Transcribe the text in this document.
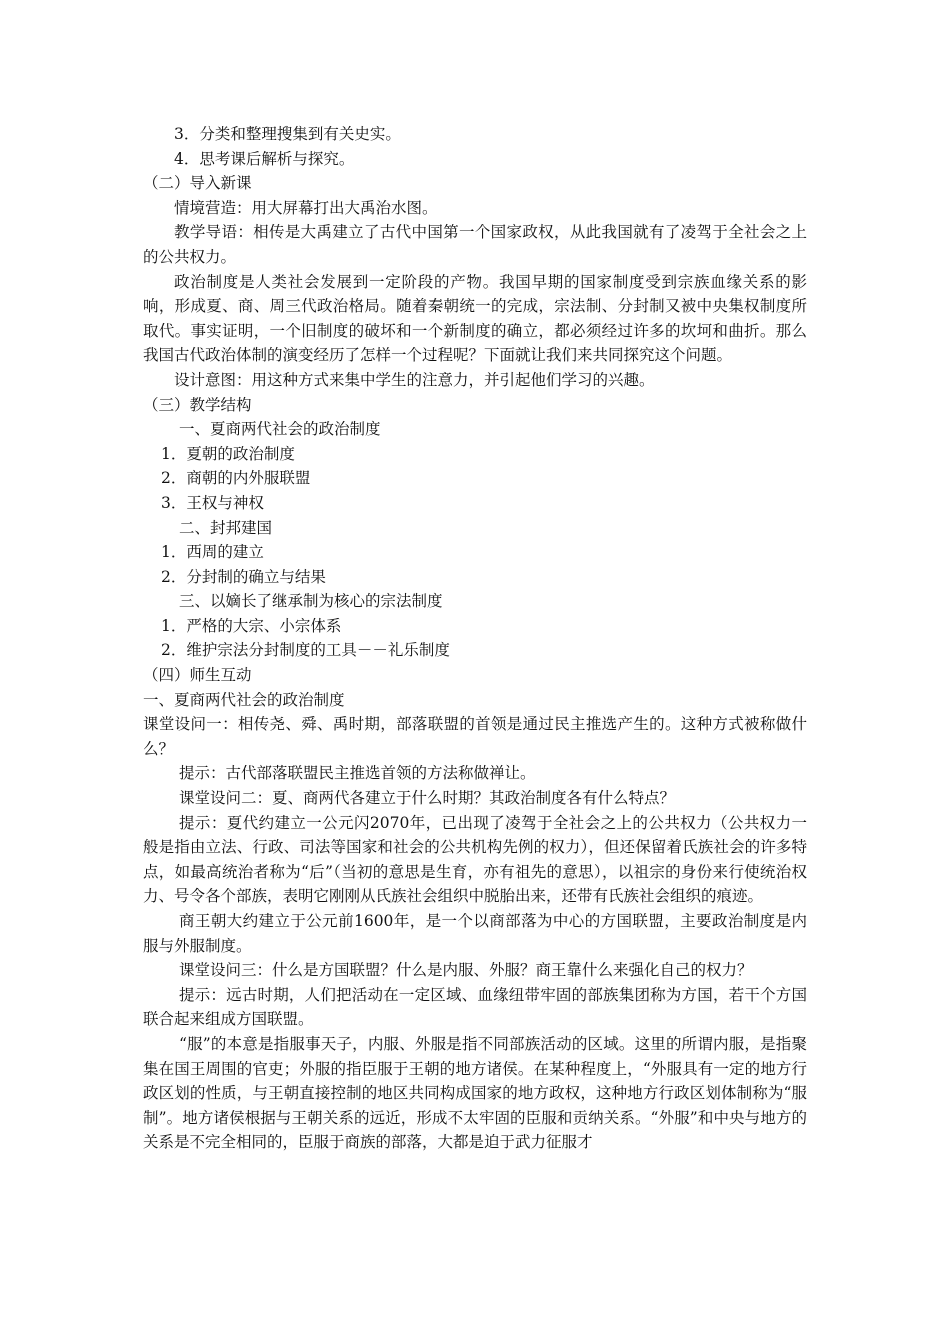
3．分类和整理搜集到有关史实。

4．思考课后解析与探究。

（二）导入新课

情境营造：用大屏幕打出大禹治水图。

教学导语：相传是大禹建立了古代中国第一个国家政权，从此我国就有了凌驾于全社会之上的公共权力。

政治制度是人类社会发展到一定阶段的产物。我国早期的国家制度受到宗族血缘关系的影响，形成夏、商、周三代政治格局。随着秦朝统一的完成，宗法制、分封制又被中央集权制度所取代。事实证明，一个旧制度的破坏和一个新制度的确立，都必须经过许多的坎坷和曲折。那么我国古代政治体制的演变经历了怎样一个过程呢？下面就让我们来共同探究这个问题。

设计意图：用这种方式来集中学生的注意力，并引起他们学习的兴趣。

（三）教学结构

一、夏商两代社会的政治制度

1．夏朝的政治制度

2．商朝的内外服联盟

3．王权与神权

二、封邦建国

1．西周的建立

2．分封制的确立与结果

三、以嫡长了继承制为核心的宗法制度

1．严格的大宗、小宗体系

2．维护宗法分封制度的工具－－礼乐制度

（四）师生互动

一、夏商两代社会的政治制度

课堂设问一：相传尧、舜、禹时期，部落联盟的首领是通过民主推选产生的。这种方式被称做什么？

提示：古代部落联盟民主推选首领的方法称做禅让。

课堂设问二：夏、商两代各建立于什么时期？其政治制度各有什么特点？

提示：夏代约建立一公元闪2070年，已出现了凌驾于全社会之上的公共权力（公共权力一般是指由立法、行政、司法等国家和社会的公共机构先例的权力），但还保留着氏族社会的许多特点，如最高统治者称为“后”（当初的意思是生育，亦有祖先的意思），以祖宗的身份来行使统治权力、号令各个部族，表明它刚刚从氏族社会组织中脱胎出来，还带有氏族社会组织的痕迹。

商王朝大约建立于公元前1600年，是一个以商部落为中心的方国联盟，主要政治制度是内服与外服制度。

课堂设问三：什么是方国联盟？什么是内服、外服？商王靠什么来强化自己的权力？

提示：远古时期，人们把活动在一定区域、血缘纽带牢固的部族集团称为方国，若干个方国联合起来组成方国联盟。

“服”的本意是指服事天子，内服、外服是指不同部族活动的区域。这里的所谓内服，是指聚集在国王周围的官吏；外服的指臣服于王朝的地方诸侯。在某种程度上，“外服具有一定的地方行政区划的性质，与王朝直接控制的地区共同构成国家的地方政权，这种地方行政区划体制称为“服制”。地方诸侯根据与王朝关系的远近，形成不太牢固的臣服和贡纳关系。“外服”和中央与地方的关系是不完全相同的，臣服于商族的部落，大都是迫于武力征服才
